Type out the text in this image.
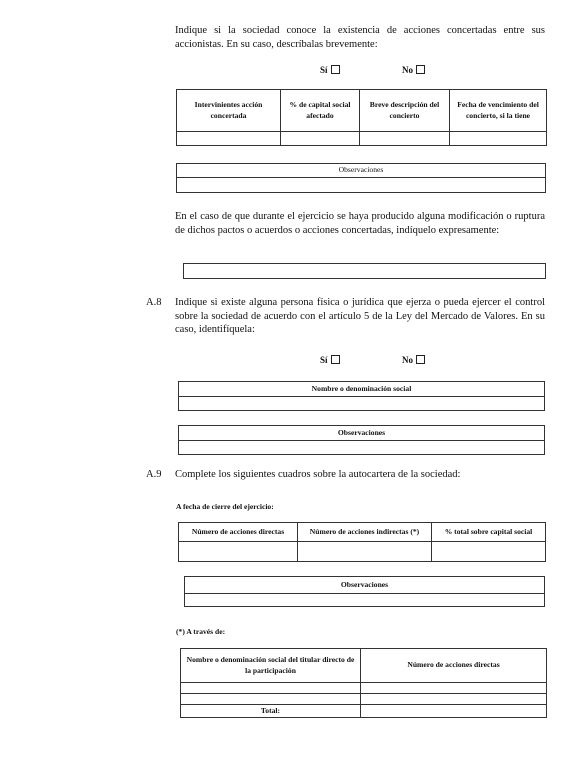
Indique si la sociedad conoce la existencia de acciones concertadas entre sus accionistas. En su caso, descríbalas brevemente:
Sí	No
Intervinientes acción concertada	% de capital social afectado	Breve descripción del concierto	Fecha de vencimiento del concierto, si la tiene

Observaciones

En el caso de que durante el ejercicio se haya producido alguna modificación o ruptura de dichos pactos o acuerdos o acciones concertadas, indíquelo expresamente:
A.8 Indique si existe alguna persona física o jurídica que ejerza o pueda ejercer el control sobre la sociedad de acuerdo con el artículo 5 de la Ley del Mercado de Valores. En su caso, identifíquela:
Sí	No
Nombre o denominación social

Observaciones

A.9 Complete los siguientes cuadros sobre la autocartera de la sociedad:
A fecha de cierre del ejercicio:
Número de acciones directas	Número de acciones indirectas (*)	% total sobre capital social

Observaciones

(*) A través de:
Nombre o denominación social del titular directo de la participación	Número de acciones directas

Total:	
